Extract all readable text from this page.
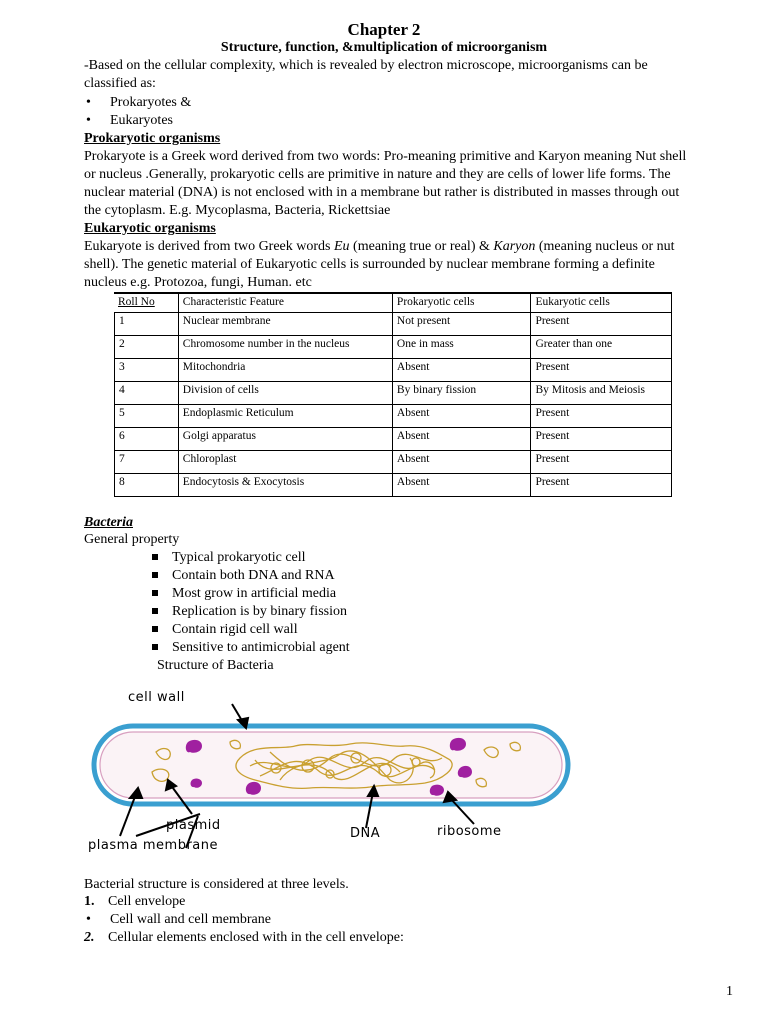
Chapter 2
Structure, function, &multiplication of microorganism
-Based on the cellular complexity, which is revealed by electron microscope, microorganisms can be
classified as:
• Prokaryotes &
• Eukaryotes
Prokaryotic organisms
Prokaryote is a Greek word derived from two words: Pro-meaning primitive and Karyon meaning Nut shell
or nucleus .Generally, prokaryotic cells are primitive in nature and they are cells of lower life forms. The
nuclear material (DNA) is not enclosed with in a membrane but rather is distributed in masses through out
the cytoplasm. E.g. Mycoplasma, Bacteria, Rickettsiae
Eukaryotic organisms
Eukaryote is derived from two Greek words Eu (meaning true or real) & Karyon (meaning nucleus or nut
shell). The genetic material of Eukaryotic cells is surrounded by nuclear membrane forming a definite
nucleus e.g. Protozoa, fungi, Human. etc
Roll No	Characteristic Feature	Prokaryotic cells	Eukaryotic cells
1	Nuclear membrane	Not present	Present
2	Chromosome number in the nucleus	One in mass	Greater than one
3	Mitochondria	Absent	Present
4	Division of cells	By binary fission	By Mitosis and Meiosis
5	Endoplasmic Reticulum	Absent	Present
6	Golgi apparatus	Absent	Present
7	Chloroplast	Absent	Present
8	Endocytosis & Exocytosis	Absent	Present
Bacteria
General property
Typical prokaryotic cell
Contain both DNA and RNA
Most grow in artificial media
Replication is by binary fission
Contain rigid cell wall
Sensitive to antimicrobial agent
Structure of Bacteria
cell wall
plasmid
DNA	ribosome
plasma membrane
Bacterial structure is considered at three levels.
1. Cell envelope
• Cell wall and cell membrane
2. Cellular elements enclosed with in the cell envelope:
1
